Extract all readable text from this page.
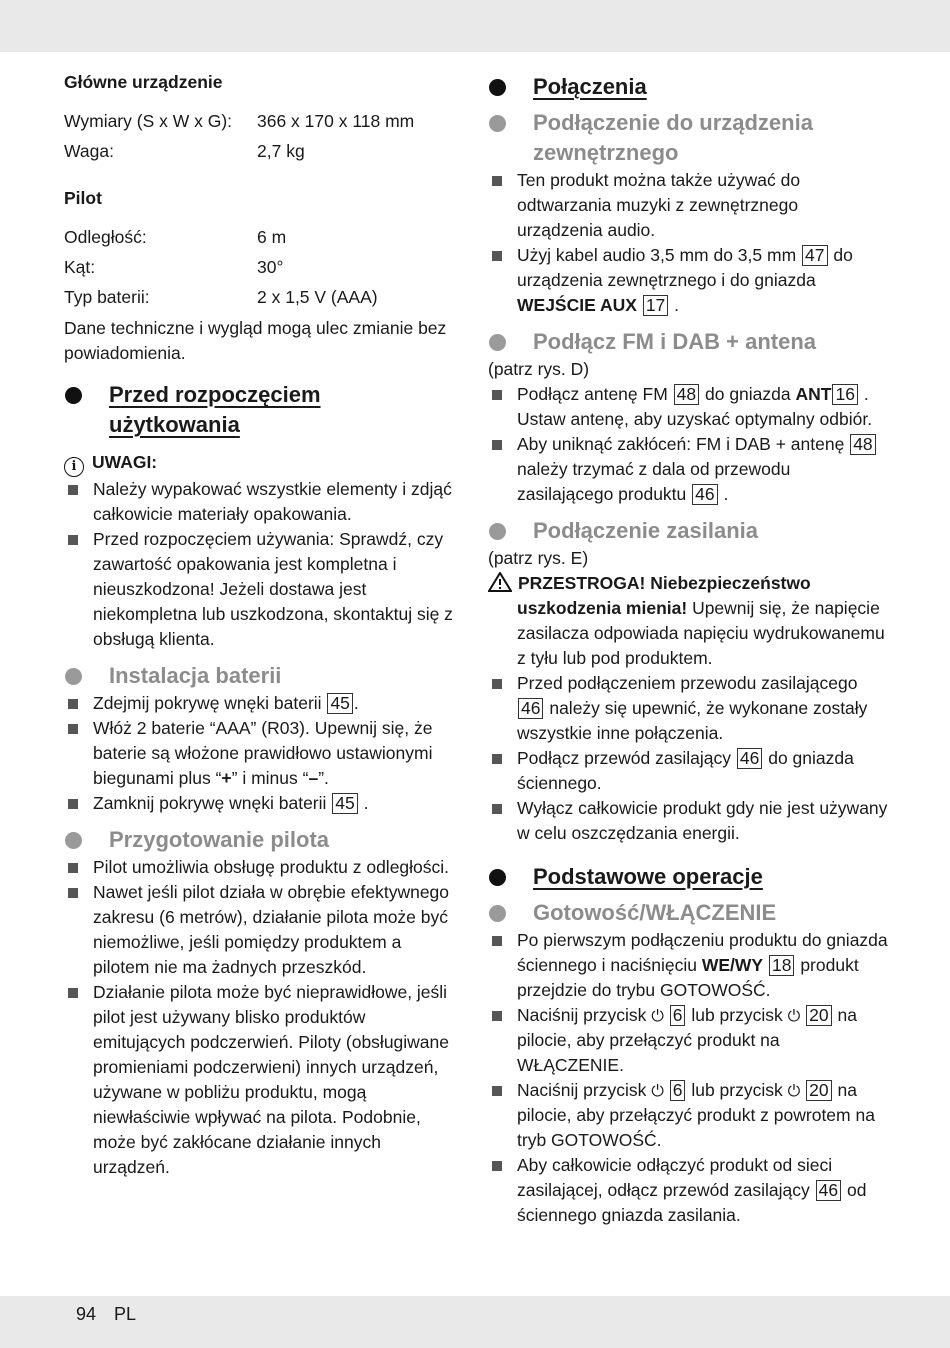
Główne urządzenie

Wymiary (S x W x G):	366 x 170 x 118 mm
Waga:	2,7 kg

Pilot

Odległość:	6 m
Kąt:	30°
Typ baterii:	2 x 1,5 V (AAA)

Dane techniczne i wygląd mogą ulec zmianie bez powiadomienia.

Przed rozpoczęciem
użytkowania

i UWAGI:

Należy wypakować wszystkie elementy i zdjąć całkowicie materiały opakowania.
Przed rozpoczęciem używania: Sprawdź, czy zawartość opakowania jest kompletna i nieuszkodzona! Jeżeli dostawa jest niekompletna lub uszkodzona, skontaktuj się z obsługą klienta.

Instalacja baterii

Zdejmij pokrywę wnęki baterii 45 .
Włóż 2 baterie “AAA” (R03). Upewnij się, że baterie są włożone prawidłowo ustawionymi biegunami plus “+” i minus “–”.
Zamknij pokrywę wnęki baterii 45 .

Przygotowanie pilota

Pilot umożliwia obsługę produktu z odległości.
Nawet jeśli pilot działa w obrębie efektywnego zakresu (6 metrów), działanie pilota może być niemożliwe, jeśli pomiędzy produktem a pilotem nie ma żadnych przeszkód.
Działanie pilota może być nieprawidłowe, jeśli pilot jest używany blisko produktów emitujących podczerwień. Piloty (obsługiwane promieniami podczerwieni) innych urządzeń, używane w pobliżu produktu, mogą niewłaściwie wpływać na pilota. Podobnie, może być zakłócane działanie innych urządzeń.

Połączenia

Podłączenie do urządzenia
zewnętrznego

Ten produkt można także używać do odtwarzania muzyki z zewnętrznego urządzenia audio.
Użyj kabel audio 3,5 mm do 3,5 mm 47 do urządzenia zewnętrznego i do gniazda WEJŚCIE AUX 17 .

Podłącz FM i DAB + antena

(patrz rys. D)

Podłącz antenę FM 48 do gniazda ANT 16 . Ustaw antenę, aby uzyskać optymalny odbiór.
Aby uniknąć zakłóceń: FM i DAB + antenę 48 należy trzymać z dala od przewodu zasilającego produktu 46 .

Podłączenie zasilania

(patrz rys. E)

PRZESTROGA! Niebezpieczeństwo
uszkodzenia mienia! Upewnij się, że napięcie zasilacza odpowiada napięciu wydrukowanemu z tyłu lub pod produktem.

Przed podłączeniem przewodu zasilającego 46 należy się upewnić, że wykonane zostały wszystkie inne połączenia.
Podłącz przewód zasilający 46 do gniazda ściennego.
Wyłącz całkowicie produkt gdy nie jest używany w celu oszczędzania energii.

Podstawowe operacje

Gotowość/WŁĄCZENIE

Po pierwszym podłączeniu produktu do gniazda ściennego i naciśnięciu WE/WY 18 produkt przejdzie do trybu GOTOWOŚĆ.
Naciśnij przycisk ⏻ 6 lub przycisk ⏻ 20 na pilocie, aby przełączyć produkt na WŁĄCZENIE.
Naciśnij przycisk ⏻ 6 lub przycisk ⏻ 20 na pilocie, aby przełączyć produkt z powrotem na tryb GOTOWOŚĆ.
Aby całkowicie odłączyć produkt od sieci zasilającej, odłącz przewód zasilający 46 od ściennego gniazda zasilania.
94 PL
